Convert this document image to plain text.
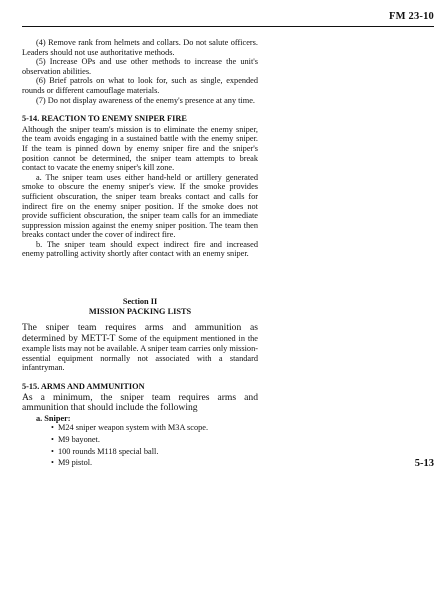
FM 23-10

(4) Remove rank from helmets and collars. Do not salute officers. Leaders should not use authoritative methods.

(5) Increase OPs and use other methods to increase the unit's observation abilities.

(6) Brief patrols on what to look for, such as single, expended rounds or different camouflage materials.

(7) Do not display awareness of the enemy's presence at any time.

5-14. REACTION TO ENEMY SNIPER FIRE

Although the sniper team's mission is to eliminate the enemy sniper, the team avoids engaging in a sustained battle with the enemy sniper. If the team is pinned down by enemy sniper fire and the sniper's position cannot be determined, the sniper team attempts to break contact to vacate the enemy sniper's kill zone.

a. The sniper team uses either hand-held or artillery generated smoke to obscure the enemy sniper's view. If the smoke provides sufficient obscuration, the sniper team breaks contact and calls for indirect fire on the enemy sniper position. If the smoke does not provide sufficient obscuration, the sniper team calls for an immediate suppression mission against the enemy sniper position. The team then breaks contact under the cover of indirect fire.

b. The sniper team should expect indirect fire and increased enemy patrolling activity shortly after contact with an enemy sniper.

Section II
MISSION PACKING LISTS

The sniper team requires arms and ammunition as determined by METT-T Some of the equipment mentioned in the example lists may not be available. A sniper team carries only mission-essential equipment normally not associated with a standard infantryman.

5-15. ARMS AND AMMUNITION

As a minimum, the sniper team requires arms and ammunition that should include the following

a. Sniper:

• M24 sniper weapon system with M3A scope.
• M9 bayonet.
• 100 rounds M118 special ball.
• M9 pistol.	5-13
